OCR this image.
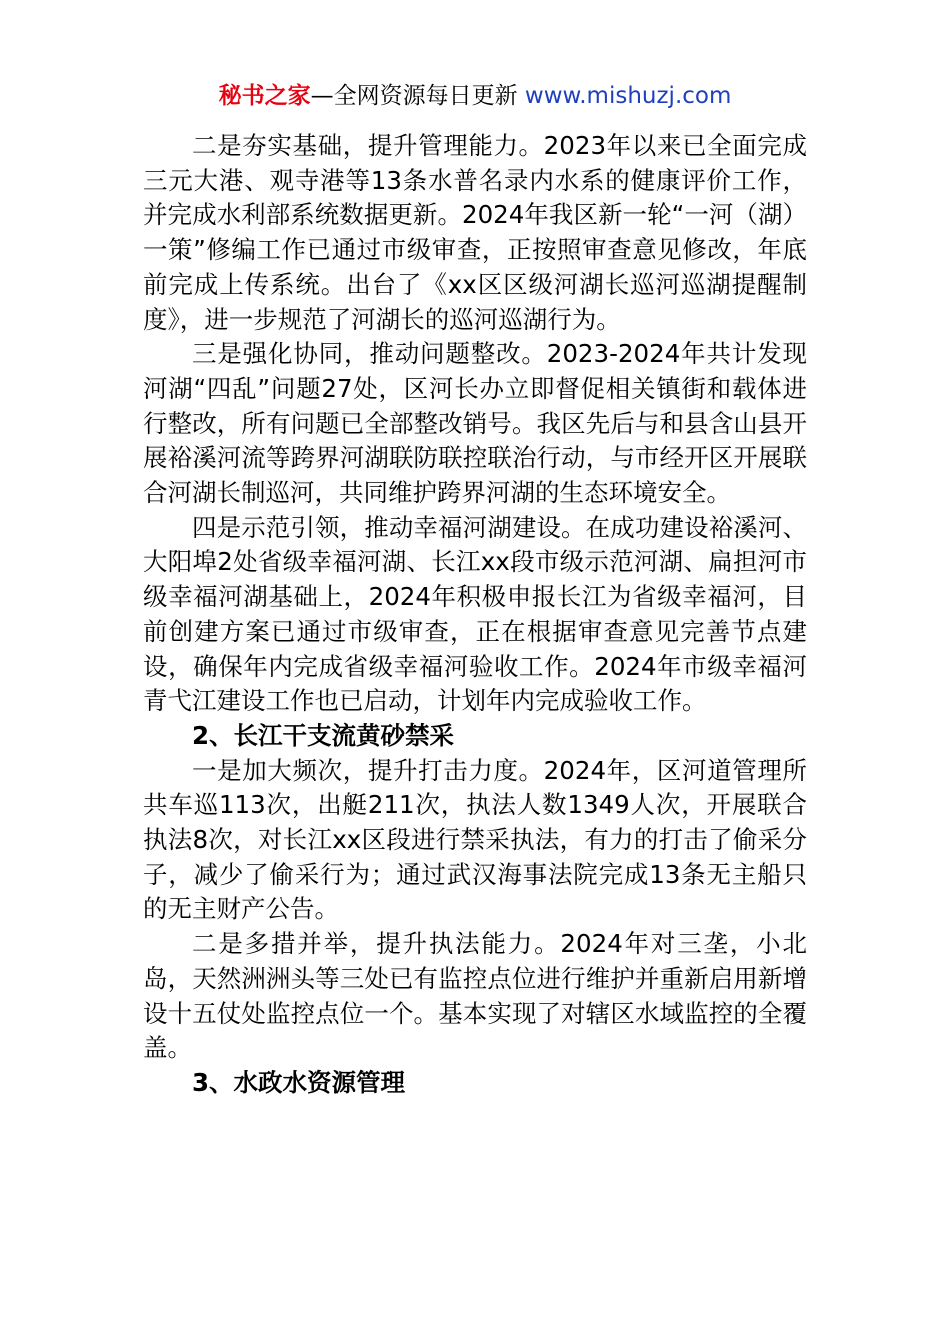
秘书之家—全网资源每日更新 www.mishuzj.com

二是夯实基础，提升管理能力。2023年以来已全面完成三元大港、观寺港等13条水普名录内水系的健康评价工作，并完成水利部系统数据更新。2024年我区新一轮“一河（湖）一策”修编工作已通过市级审查，正按照审查意见修改，年底前完成上传系统。出台了《xx区区级河湖长巡河巡湖提醒制度》，进一步规范了河湖长的巡河巡湖行为。

三是强化协同，推动问题整改。2023-2024年共计发现河湖“四乱”问题27处，区河长办立即督促相关镇街和载体进行整改，所有问题已全部整改销号。我区先后与和县含山县开展裕溪河流等跨界河湖联防联控联治行动，与市经开区开展联合河湖长制巡河，共同维护跨界河湖的生态环境安全。

四是示范引领，推动幸福河湖建设。在成功建设裕溪河、大阳埠2处省级幸福河湖、长江xx段市级示范河湖、扁担河市级幸福河湖基础上，2024年积极申报长江为省级幸福河，目前创建方案已通过市级审查，正在根据审查意见完善节点建设，确保年内完成省级幸福河验收工作。2024年市级幸福河青弋江建设工作也已启动，计划年内完成验收工作。

2、长江干支流黄砂禁采

一是加大频次，提升打击力度。2024年，区河道管理所共车巡113次，出艇211次，执法人数1349人次，开展联合执法8次，对长江xx区段进行禁采执法，有力的打击了偷采分子，减少了偷采行为；通过武汉海事法院完成13条无主船只的无主财产公告。

二是多措并举，提升执法能力。2024年对三垄，小北岛，天然洲洲头等三处已有监控点位进行维护并重新启用新增设十五仗处监控点位一个。基本实现了对辖区水域监控的全覆盖。

3、水政水资源管理
